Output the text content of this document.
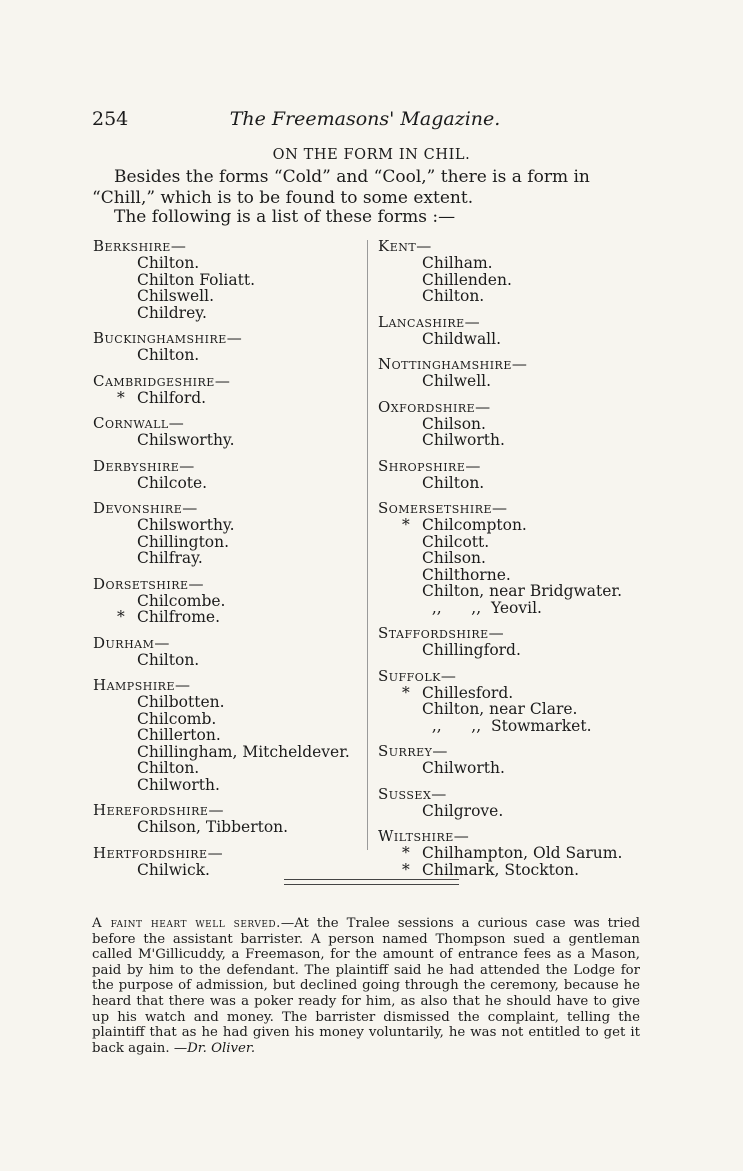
254	The Freemasons' Magazine.
ON THE FORM IN CHIL.
Besides the forms “Cold” and “Cool,” there is a form in “Chill,” which is to be found to some extent.
The following is a list of these forms :—
Berkshire—
Chilton.
Chilton Foliatt.
Chilswell.
Childrey.
Buckinghamshire—
Chilton.
Cambridgeshire—
* Chilford.
Cornwall—
Chilsworthy.
Derbyshire—
Chilcote.
Devonshire—
Chilsworthy.
Chillington.
Chilfray.
Dorsetshire—
Chilcombe.
* Chilfrome.
Durham—
Chilton.
Hampshire—
Chilbotten.
Chilcomb.
Chillerton.
Chillingham, Mitcheldever.
Chilton.
Chilworth.
Herefordshire—
Chilson, Tibberton.
Hertfordshire—
Chilwick.
Kent—
Chilham.
Chillenden.
Chilton.
Lancashire—
Childwall.
Nottinghamshire—
Chilwell.
Oxfordshire—
Chilson.
Chilworth.
Shropshire—
Chilton.
Somersetshire—
* Chilcompton.
Chilcott.
Chilson.
Chilthorne.
Chilton, near Bridgwater.
,,      ,,  Yeovil.
Staffordshire—
Chillingford.
Suffolk—
* Chillesford.
Chilton, near Clare.
,,      ,,  Stowmarket.
Surrey—
Chilworth.
Sussex—
Chilgrove.
Wiltshire—
* Chilhampton, Old Sarum.
* Chilmark, Stockton.
A faint heart well served.—At the Tralee sessions a curious case was tried before the assistant barrister. A person named Thompson sued a gentleman called M'Gillicuddy, a Freemason, for the amount of entrance fees as a Mason, paid by him to the defendant. The plaintiff said he had attended the Lodge for the purpose of admission, but declined going through the ceremony, because he heard that there was a poker ready for him, as also that he should have to give up his watch and money. The barrister dismissed the complaint, telling the plaintiff that as he had given his money voluntarily, he was not entitled to get it back again. —Dr. Oliver.
